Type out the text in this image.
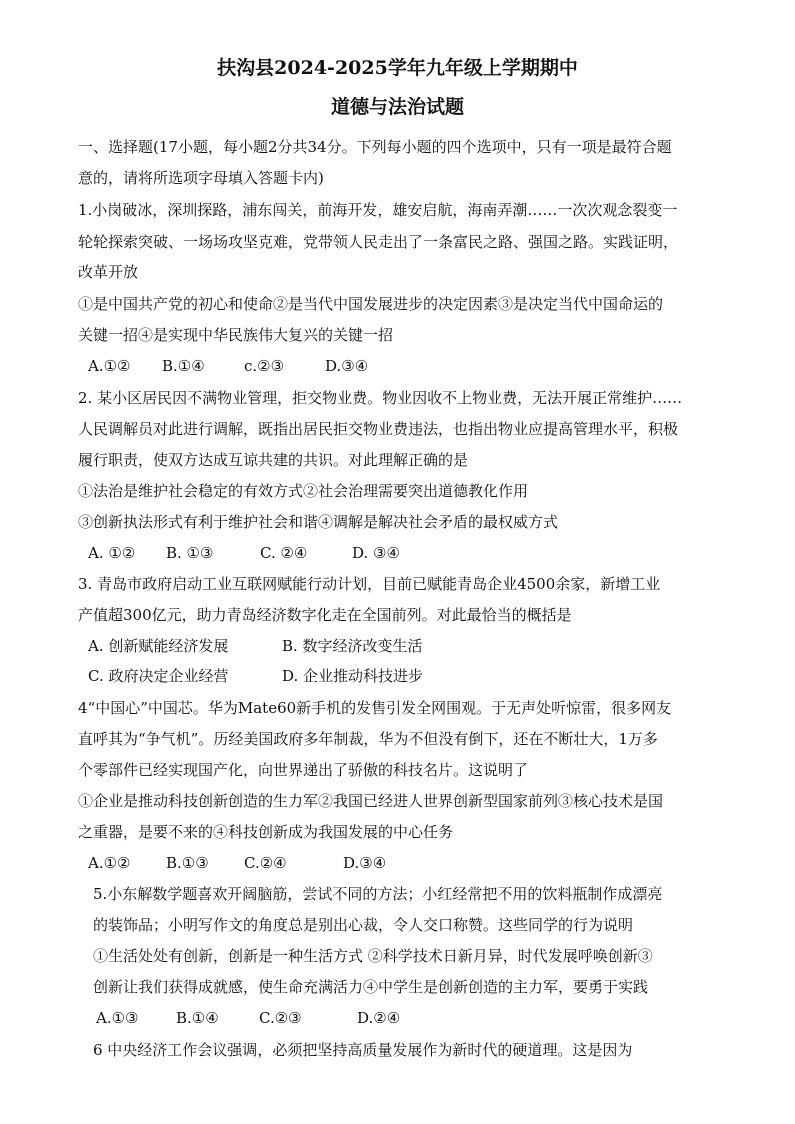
扶沟县2024-2025学年九年级上学期期中
道德与法治试题
一、选择题(17小题，每小题2分共34分。下列每小题的四个选项中，只有一项是最符合题
意的，请将所选项字母填入答题卡内)
1.小岗破冰，深圳探路，浦东闯关，前海开发，雄安启航，海南弄潮……一次次观念裂变一
轮轮探索突破、一场场攻坚克难，党带领人民走出了一条富民之路、强国之路。实践证明，
改革开放
①是中国共产党的初心和使命②是当代中国发展进步的决定因素③是决定当代中国命运的
关键一招④是实现中华民族伟大复兴的关键一招
A.①② B.①④	c.②③	D.③④
2. 某小区居民因不满物业管理，拒交物业费。物业因收不上物业费，无法开展正常维护……
人民调解员对此进行调解，既指出居民拒交物业费违法，也指出物业应提高管理水平，积极
履行职责，使双方达成互谅共建的共识。对此理解正确的是
①法治是维护社会稳定的有效方式②社会治理需要突出道德教化作用
③创新执法形式有利于维护社会和谐④调解是解决社会矛盾的最权威方式
A. ①② B. ①③	C. ②④	D. ③④
3. 青岛市政府启动工业互联网赋能行动计划，目前已赋能青岛企业4500余家，新增工业
产值超300亿元，助力青岛经济数字化走在全国前列。对此最恰当的概括是
A. 创新赋能经济发展	B. 数字经济改变生活
C. 政府决定企业经营	D. 企业推动科技进步
4“中国心”中国芯。华为Mate60新手机的发售引发全网围观。于无声处听惊雷，很多网友
直呼其为“争气机”。历经美国政府多年制裁，华为不但没有倒下，还在不断壮大，1万多
个零部件已经实现国产化，向世界递出了骄傲的科技名片。这说明了
①企业是推动科技创新创造的生力军②我国已经进人世界创新型国家前列③核心技术是国
之重器，是要不来的④科技创新成为我国发展的中心任务
A.①② B.①③ C.②④	D.③④
5.小东解数学题喜欢开阔脑筋，尝试不同的方法；小红经常把不用的饮料瓶制作成漂亮
的装饰品；小明写作文的角度总是别出心裁，令人交口称赞。这些同学的行为说明
①生活处处有创新，创新是一种生活方式 ②科学技术日新月异，时代发展呼唤创新③
创新让我们获得成就感，使生命充满活力④中学生是创新创造的主力军，要勇于实践
A.①③	B.①④	C.②③	D.②④
6 中央经济工作会议强调，必须把坚持高质量发展作为新时代的硬道理。这是因为
